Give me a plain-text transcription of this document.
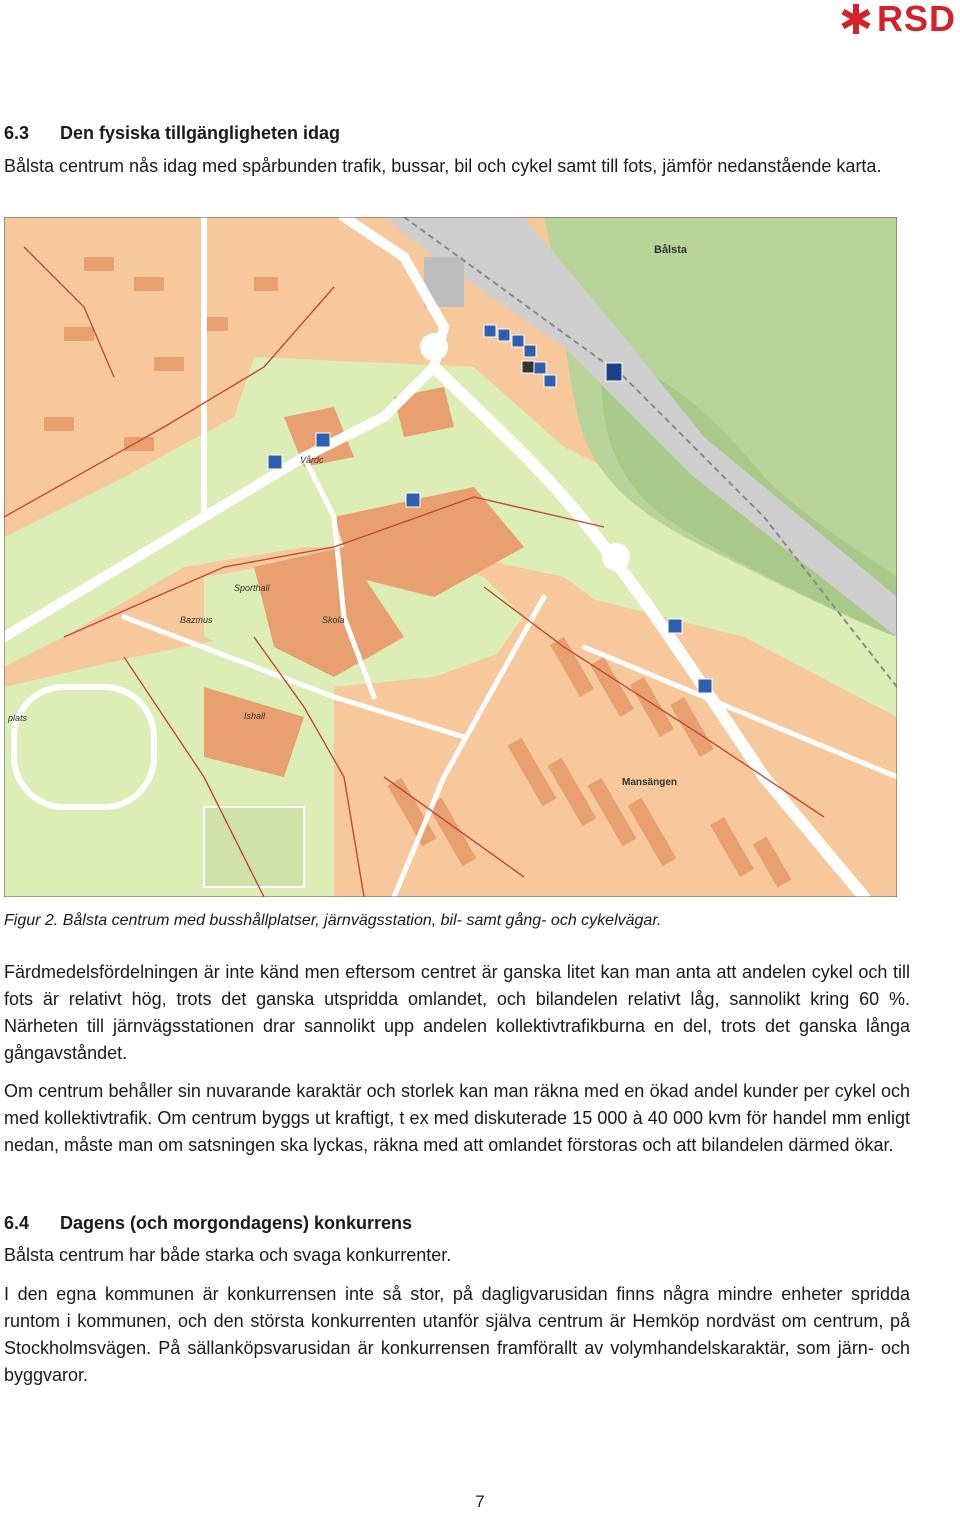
RSD
6.3 Den fysiska tillgängligheten idag

Bålsta centrum nås idag med spårbunden trafik, bussar, bil och cykel samt till fots, jämför nedanstående karta.

Bålsta
Mansängen
Skola
Sporthall
Bazmus
Ishall
Vårdc
plats
Figur 2. Bålsta centrum med busshållplatser, järnvägsstation, bil- samt gång- och cykelvägar.

Färdmedelsfördelningen är inte känd men eftersom centret är ganska litet kan man anta att andelen cykel och till fots är relativt hög, trots det ganska utspridda omlandet, och bilandelen relativt låg, sannolikt kring 60 %. Närheten till järnvägsstationen drar sannolikt upp andelen kollektivtrafikburna en del, trots det ganska långa gångavståndet.

Om centrum behåller sin nuvarande karaktär och storlek kan man räkna med en ökad andel kunder per cykel och med kollektivtrafik. Om centrum byggs ut kraftigt, t ex med diskuterade 15 000 à 40 000 kvm för handel mm enligt nedan, måste man om satsningen ska lyckas, räkna med att omlandet förstoras och att bilandelen därmed ökar.

6.4 Dagens (och morgondagens) konkurrens

Bålsta centrum har både starka och svaga konkurrenter.

I den egna kommunen är konkurrensen inte så stor, på dagligvarusidan finns några mindre enheter spridda runtom i kommunen, och den största konkurrenten utanför själva centrum är Hemköp nordväst om centrum, på Stockholmsvägen. På sällanköpsvarusidan är konkurrensen framförallt av volymhandelskaraktär, som järn- och byggvaror.

7
